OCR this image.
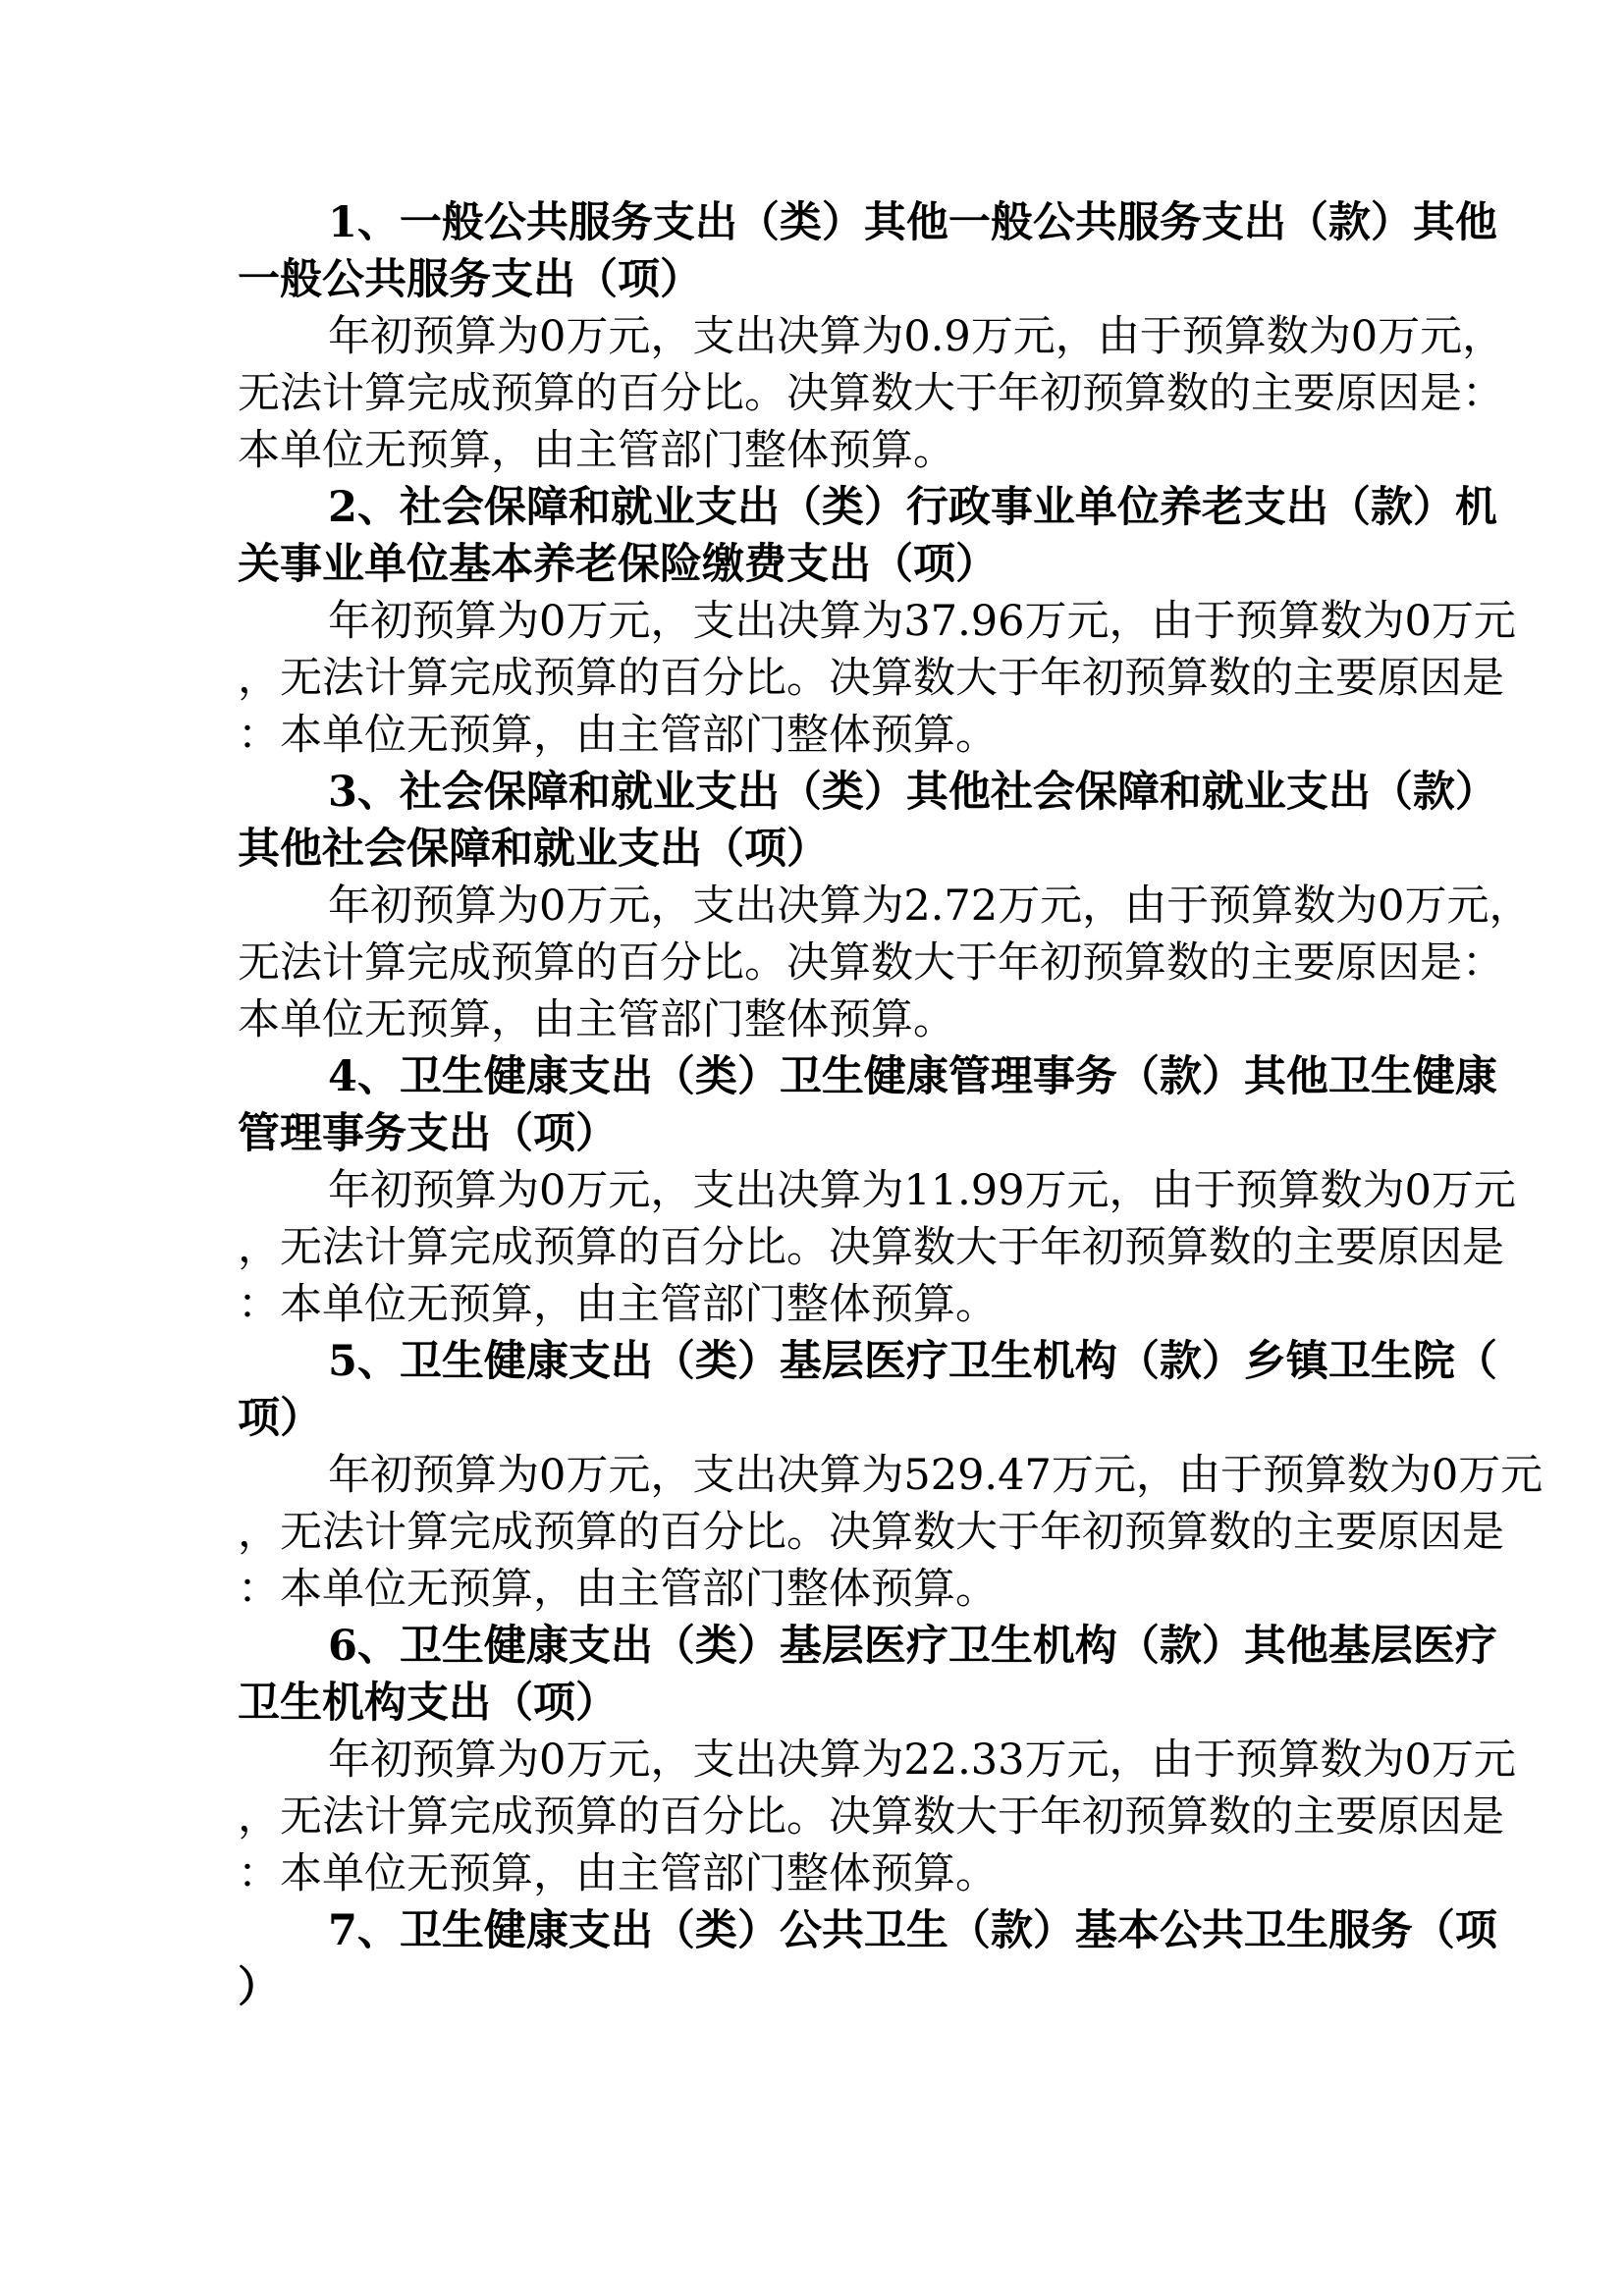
1、一般公共服务支出（类）其他一般公共服务支出（款）其他
一般公共服务支出（项）

年初预算为0万元，支出决算为0.9万元，由于预算数为0万元，
无法计算完成预算的百分比。决算数大于年初预算数的主要原因是：
本单位无预算，由主管部门整体预算。

2、社会保障和就业支出（类）行政事业单位养老支出（款）机
关事业单位基本养老保险缴费支出（项）

年初预算为0万元，支出决算为37.96万元，由于预算数为0万元
，无法计算完成预算的百分比。决算数大于年初预算数的主要原因是
：本单位无预算，由主管部门整体预算。

3、社会保障和就业支出（类）其他社会保障和就业支出（款）
其他社会保障和就业支出（项）

年初预算为0万元，支出决算为2.72万元，由于预算数为0万元，
无法计算完成预算的百分比。决算数大于年初预算数的主要原因是：
本单位无预算，由主管部门整体预算。

4、卫生健康支出（类）卫生健康管理事务（款）其他卫生健康
管理事务支出（项）

年初预算为0万元，支出决算为11.99万元，由于预算数为0万元
，无法计算完成预算的百分比。决算数大于年初预算数的主要原因是
：本单位无预算，由主管部门整体预算。

5、卫生健康支出（类）基层医疗卫生机构（款）乡镇卫生院（
项）

年初预算为0万元，支出决算为529.47万元，由于预算数为0万元
，无法计算完成预算的百分比。决算数大于年初预算数的主要原因是
：本单位无预算，由主管部门整体预算。

6、卫生健康支出（类）基层医疗卫生机构（款）其他基层医疗
卫生机构支出（项）

年初预算为0万元，支出决算为22.33万元，由于预算数为0万元
，无法计算完成预算的百分比。决算数大于年初预算数的主要原因是
：本单位无预算，由主管部门整体预算。

7、卫生健康支出（类）公共卫生（款）基本公共卫生服务（项
）
